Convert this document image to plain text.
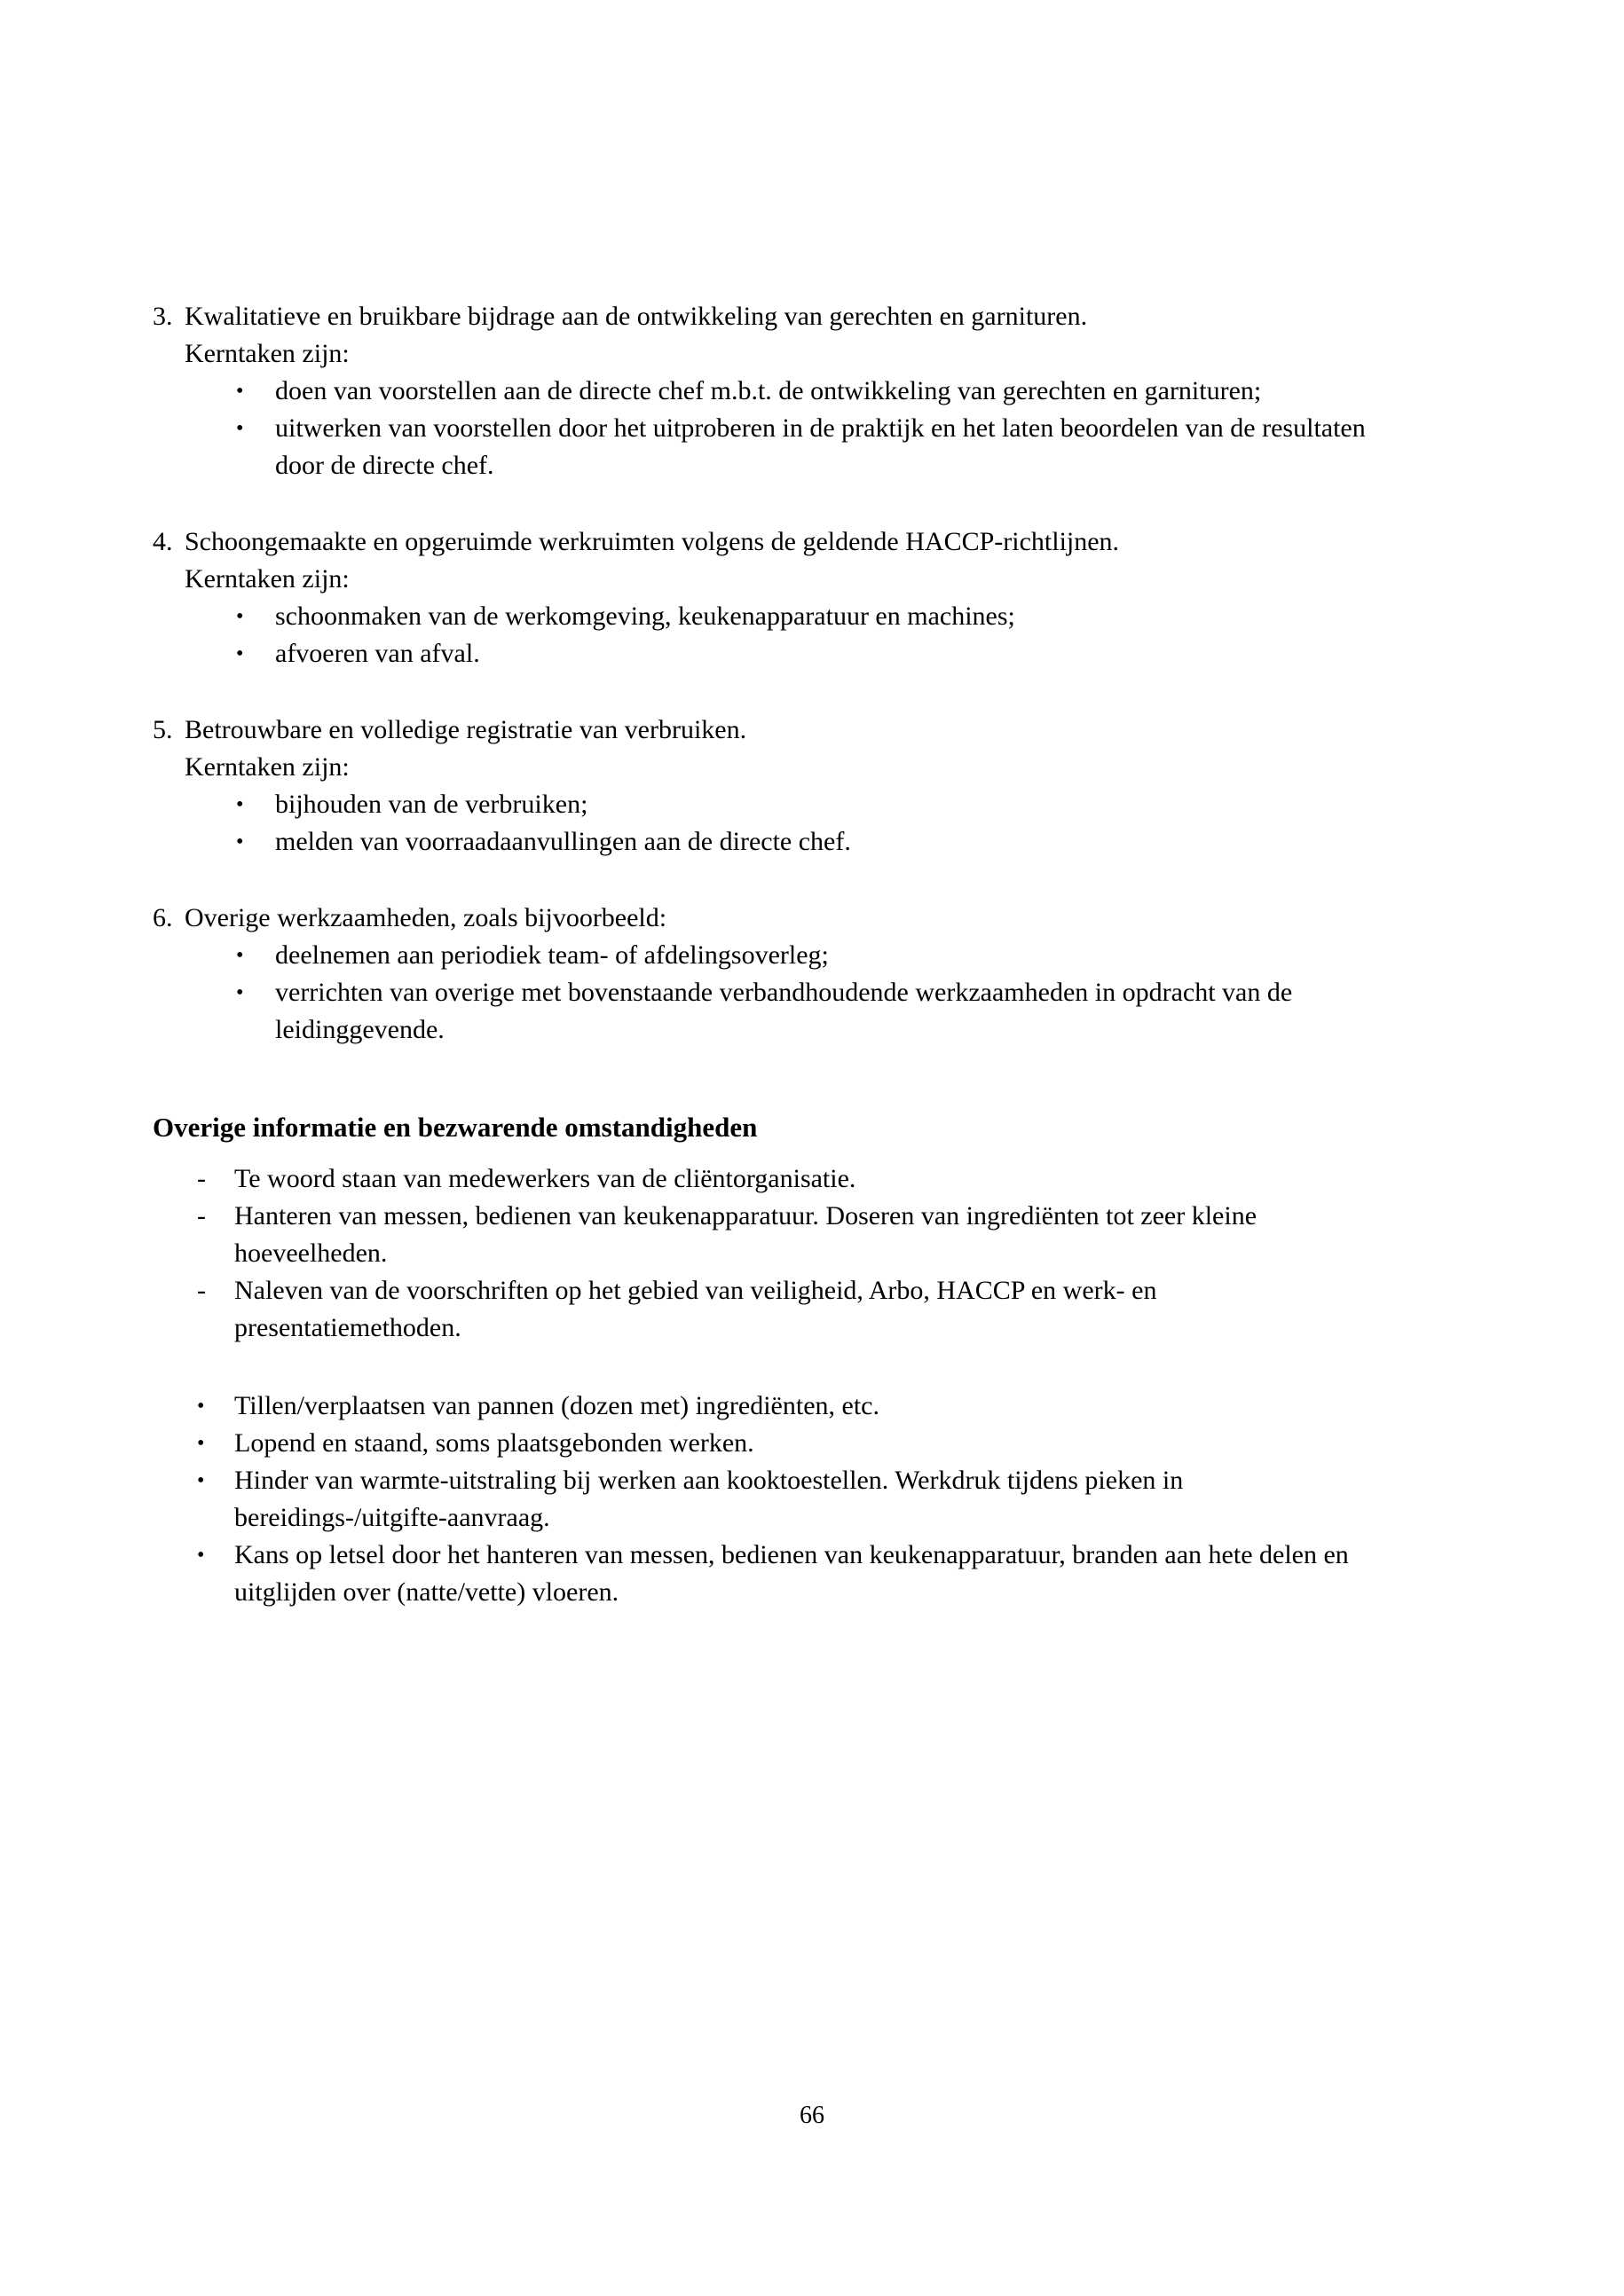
3. Kwalitatieve en bruikbare bijdrage aan de ontwikkeling van gerechten en garnituren.
Kerntaken zijn:
•	doen van voorstellen aan de directe chef m.b.t. de ontwikkeling van gerechten en garnituren;
•	uitwerken van voorstellen door het uitproberen in de praktijk en het laten beoordelen van de resultaten door de directe chef.
4. Schoongemaakte en opgeruimde werkruimten volgens de geldende HACCP-richtlijnen.
Kerntaken zijn:
•	schoonmaken van de werkomgeving, keukenapparatuur en machines;
•	afvoeren van afval.
5. Betrouwbare en volledige registratie van verbruiken.
Kerntaken zijn:
•	bijhouden van de verbruiken;
•	melden van voorraadaanvullingen aan de directe chef.
6. Overige werkzaamheden, zoals bijvoorbeeld:
•	deelnemen aan periodiek team- of afdelingsoverleg;
•	verrichten van overige met bovenstaande verbandhoudende werkzaamheden in opdracht van de leidinggevende.
Overige informatie en bezwarende omstandigheden
-	Te woord staan van medewerkers van de cliëntorganisatie.
-	Hanteren van messen, bedienen van keukenapparatuur. Doseren van ingrediënten tot zeer kleine hoeveelheden.
-	Naleven van de voorschriften op het gebied van veiligheid, Arbo, HACCP en werk- en presentatiemethoden.
•	Tillen/verplaatsen van pannen (dozen met) ingrediënten, etc.
•	Lopend en staand, soms plaatsgebonden werken.
•	Hinder van warmte-uitstraling bij werken aan kooktoestellen. Werkdruk tijdens pieken in bereidings-/uitgifte-aanvraag.
•	Kans op letsel door het hanteren van messen, bedienen van keukenapparatuur, branden aan hete delen en uitglijden over (natte/vette) vloeren.
66
